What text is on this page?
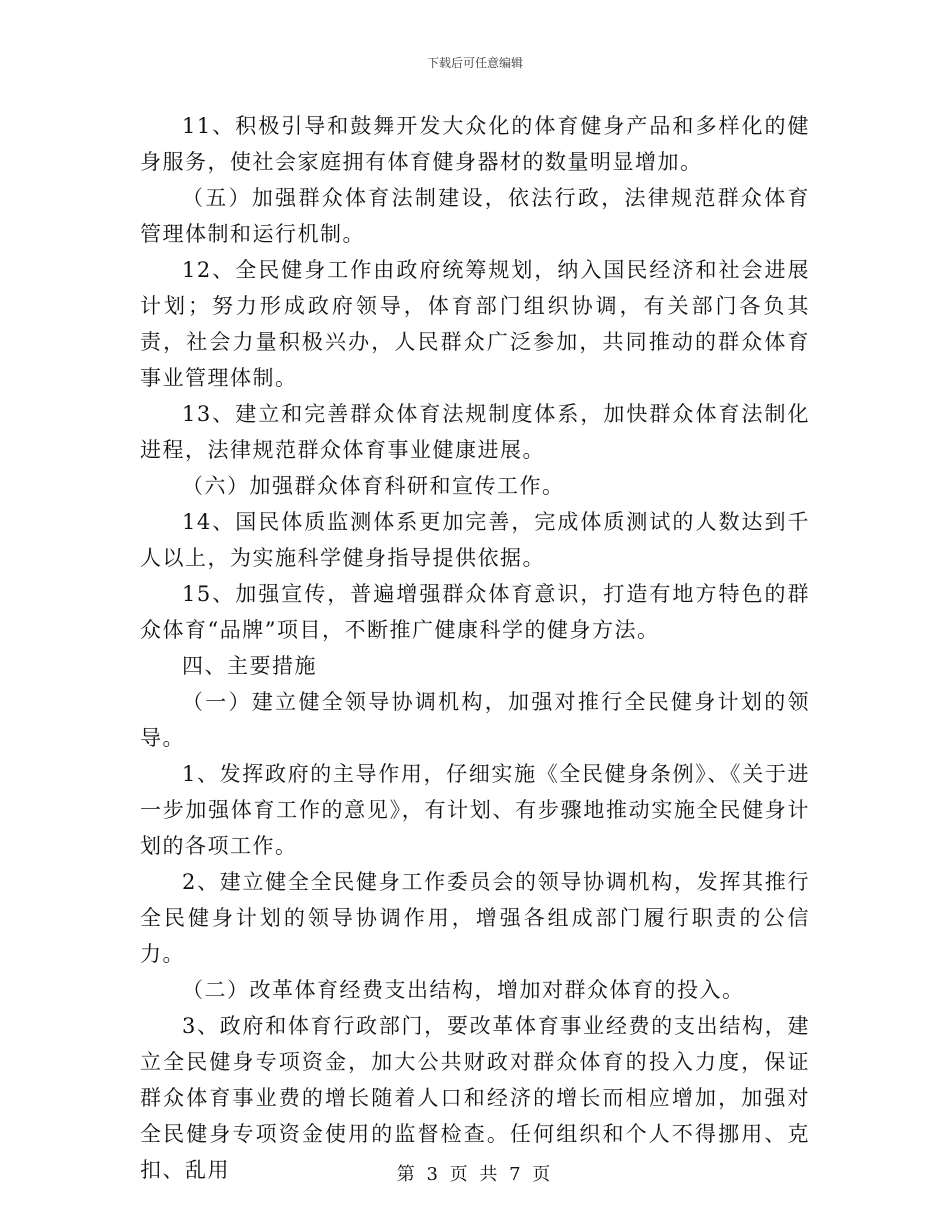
下载后可任意编辑

11、积极引导和鼓舞开发大众化的体育健身产品和多样化的健身服务，使社会家庭拥有体育健身器材的数量明显增加。

（五）加强群众体育法制建设，依法行政，法律规范群众体育管理体制和运行机制。

12、全民健身工作由政府统筹规划，纳入国民经济和社会进展计划；努力形成政府领导，体育部门组织协调，有关部门各负其责，社会力量积极兴办，人民群众广泛参加，共同推动的群众体育事业管理体制。

13、建立和完善群众体育法规制度体系，加快群众体育法制化进程，法律规范群众体育事业健康进展。

（六）加强群众体育科研和宣传工作。

14、国民体质监测体系更加完善，完成体质测试的人数达到千人以上，为实施科学健身指导提供依据。

15、加强宣传，普遍增强群众体育意识，打造有地方特色的群众体育“品牌”项目，不断推广健康科学的健身方法。

四、主要措施

（一）建立健全领导协调机构，加强对推行全民健身计划的领导。

1、发挥政府的主导作用，仔细实施《全民健身条例》、《关于进一步加强体育工作的意见》，有计划、有步骤地推动实施全民健身计划的各项工作。

2、建立健全全民健身工作委员会的领导协调机构，发挥其推行全民健身计划的领导协调作用，增强各组成部门履行职责的公信力。

（二）改革体育经费支出结构，增加对群众体育的投入。

3、政府和体育行政部门，要改革体育事业经费的支出结构，建立全民健身专项资金，加大公共财政对群众体育的投入力度，保证群众体育事业费的增长随着人口和经济的增长而相应增加，加强对全民健身专项资金使用的监督检查。任何组织和个人不得挪用、克扣、乱用	第 3 页 共 7 页
